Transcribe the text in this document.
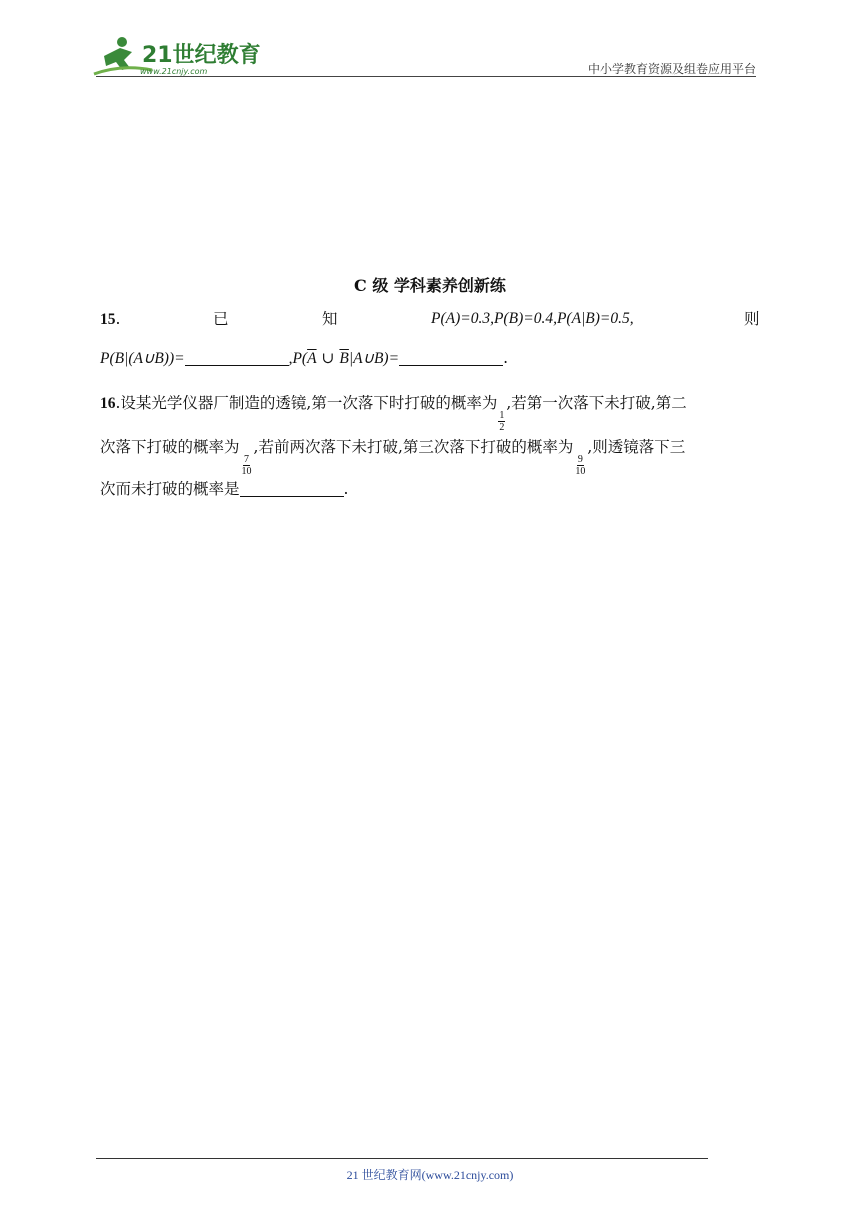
21世纪教育
www.21cnjy.com	中小学教育资源及组卷应用平台
C 级 学科素养创新练
15.	已	知	P(A)=0.3,P(B)=0.4,P(A|B)=0.5,	则
P(B|(A∪B))=	$,P(\overline{A}$ ∪ $\overline{B}|A\cup B)=$	.
16.设某光学仪器厂制造的透镜,第一次落下时打破的概率为
$\frac{1}{2}$
,若第一次落下未打破,第二
次落下打破的概率为
$\frac{7}{10}$
,若前两次落下未打破,第三次落下打破的概率为
$\frac{9}{10}$
,则透镜落下三
次而未打破的概率是	.
21 世纪教育网(www.21cnjy.com)
